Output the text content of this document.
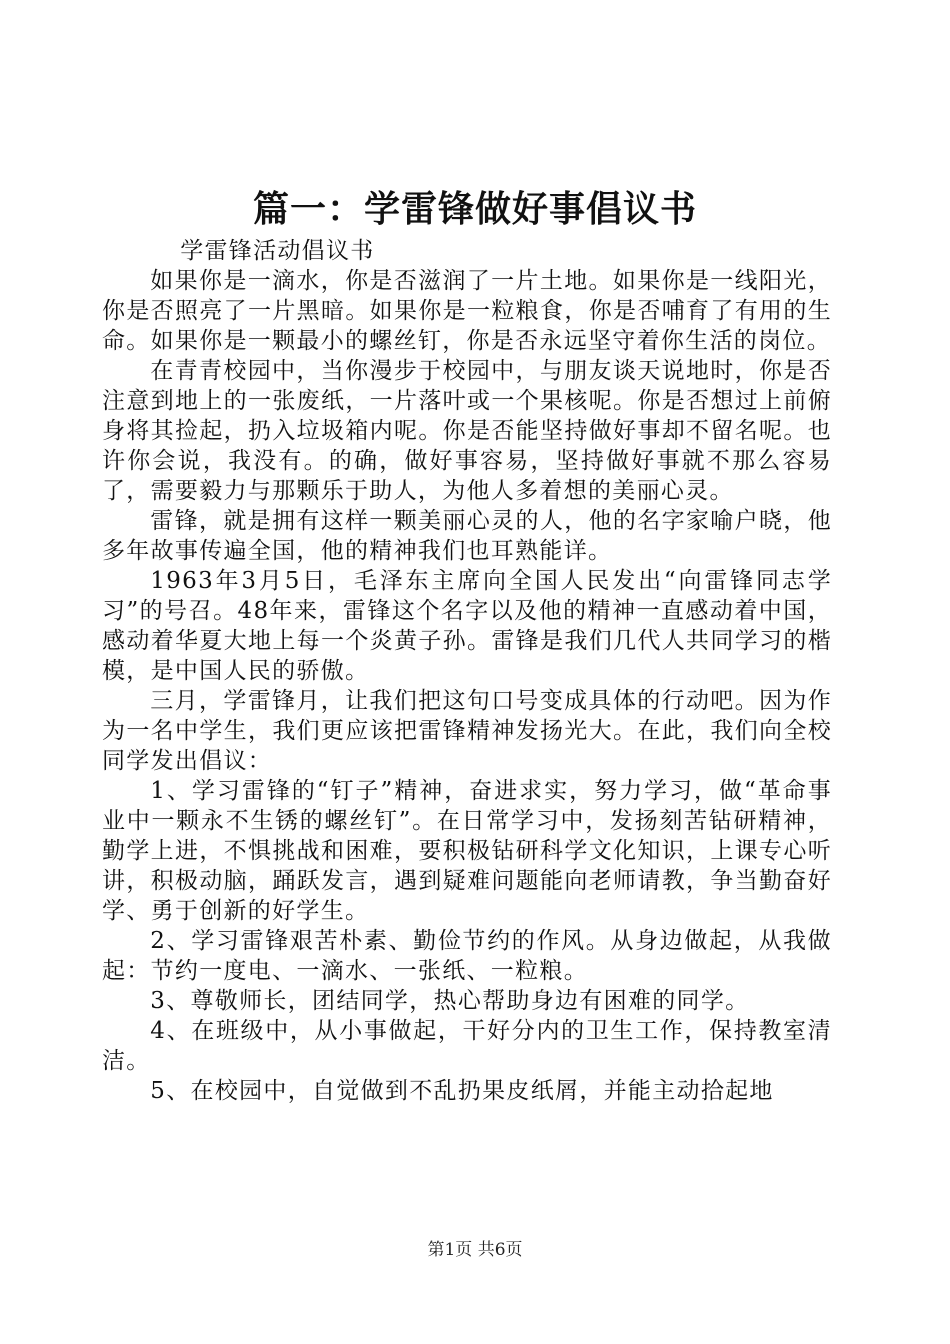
篇一：学雷锋做好事倡议书

学雷锋活动倡议书

如果你是一滴水，你是否滋润了一片土地。如果你是一线阳光，你是否照亮了一片黑暗。如果你是一粒粮食，你是否哺育了有用的生命。如果你是一颗最小的螺丝钉，你是否永远坚守着你生活的岗位。

在青青校园中，当你漫步于校园中，与朋友谈天说地时，你是否注意到地上的一张废纸，一片落叶或一个果核呢。你是否想过上前俯身将其捡起，扔入垃圾箱内呢。你是否能坚持做好事却不留名呢。也许你会说，我没有。的确，做好事容易，坚持做好事就不那么容易了，需要毅力与那颗乐于助人，为他人多着想的美丽心灵。

雷锋，就是拥有这样一颗美丽心灵的人，他的名字家喻户晓，他多年故事传遍全国，他的精神我们也耳熟能详。

1963年3月5日，毛泽东主席向全国人民发出“向雷锋同志学习”的号召。48年来，雷锋这个名字以及他的精神一直感动着中国，感动着华夏大地上每一个炎黄子孙。雷锋是我们几代人共同学习的楷模，是中国人民的骄傲。

三月，学雷锋月，让我们把这句口号变成具体的行动吧。因为作为一名中学生，我们更应该把雷锋精神发扬光大。在此，我们向全校同学发出倡议：

1、学习雷锋的“钉子”精神，奋进求实，努力学习，做“革命事业中一颗永不生锈的螺丝钉”。在日常学习中，发扬刻苦钻研精神，勤学上进，不惧挑战和困难，要积极钻研科学文化知识，上课专心听讲，积极动脑，踊跃发言，遇到疑难问题能向老师请教，争当勤奋好学、勇于创新的好学生。

2、学习雷锋艰苦朴素、勤俭节约的作风。从身边做起，从我做起：节约一度电、一滴水、一张纸、一粒粮。

3、尊敬师长，团结同学，热心帮助身边有困难的同学。

4、在班级中，从小事做起，干好分内的卫生工作，保持教室清洁。

5、在校园中，自觉做到不乱扔果皮纸屑，并能主动拾起地

第1页 共6页
